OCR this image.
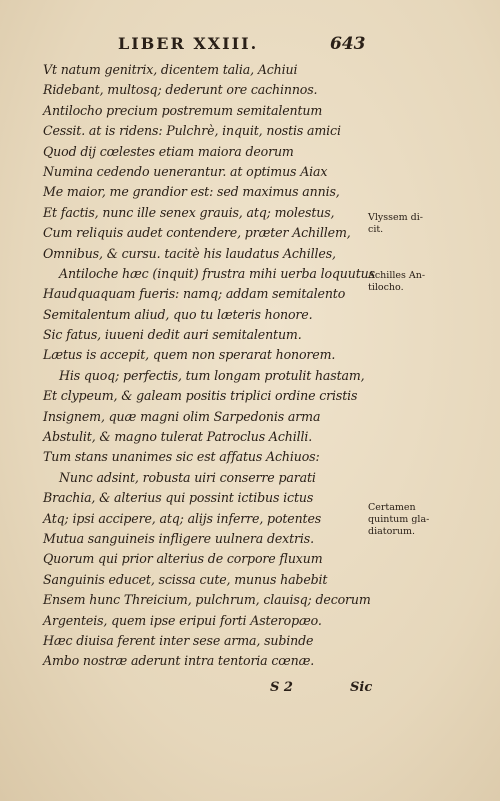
LIBER XXIII.	643
Vt natum genitrix, dicentem talia, Achiui
Ridebant, multosq; dederunt ore cachinnos.
Antilocho precium postremum semitalentum
Cessit. at is ridens: Pulchrè, inquit, nostis amici
Quod dij cœlestes etiam maiora deorum
Numina cedendo uenerantur. at optimus Aiax
Me maior, me grandior est: sed maximus annis,
Et factis, nunc ille senex grauis, atq; molestus,
Cum reliquis audet contendere, præter Achillem,
Omnibus, & cursu. tacitè his laudatus Achilles,
Antiloche hæc (inquit) frustra mihi uerba loquutus
Haudquaquam fueris: namq; addam semitalento
Semitalentum aliud, quo tu læteris honore.
Sic fatus, iuueni dedit auri semitalentum.
Lætus is accepit, quem non sperarat honorem.
His quoq; perfectis, tum longam protulit hastam,
Et clypeum, & galeam positis triplici ordine cristis
Insignem, quæ magni olim Sarpedonis arma
Abstulit, & magno tulerat Patroclus Achilli.
Tum stans unanimes sic est affatus Achiuos:
Nunc adsint, robusta uiri conserre parati
Brachia, & alterius qui possint ictibus ictus
Atq; ipsi accipere, atq; alijs inferre, potentes
Mutua sanguineis infligere uulnera dextris.
Quorum qui prior alterius de corpore fluxum
Sanguinis educet, scissa cute, munus habebit
Ensem hunc Threicium, pulchrum, clauisq; decorum
Argenteis, quem ipse eripui forti Asteropæo.
Hæc diuisa ferent inter sese arma, subinde
Ambo nostræ aderunt intra tentoria cœnæ.
Vlyssem di-
cit.
Achilles An-
tilocho.
Certamen
quintum gla-
diatorum.
S 2	Sic
